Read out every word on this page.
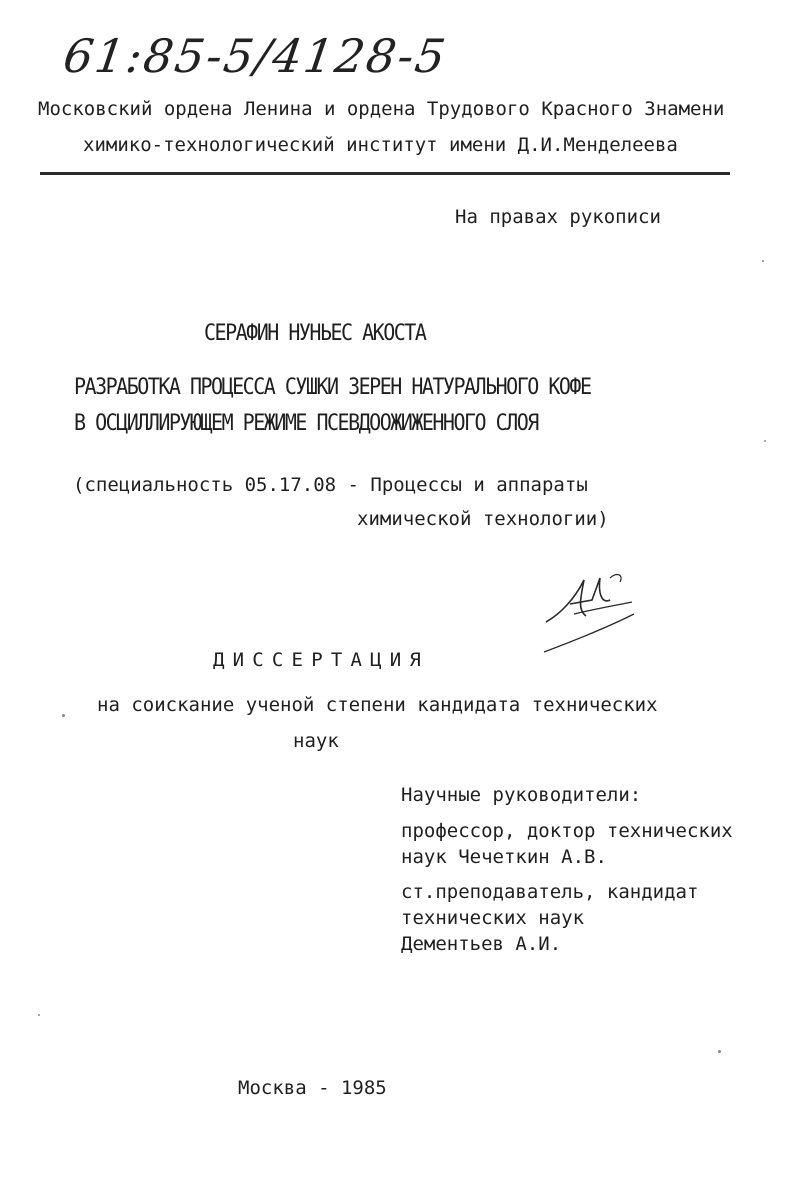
61:85-5/4128-5
Московский ордена Ленина и ордена Трудового Красного Знамени
химико-технологический институт имени Д.И.Менделеева
На правах рукописи
СЕРАФИН НУНЬЕС АКОСТА
РАЗРАБОТКА ПРОЦЕССА СУШКИ ЗЕРЕН НАТУРАЛЬНОГО КОФЕ
В ОСЦИЛЛИРУЮЩЕМ РЕЖИМЕ ПСЕВДООЖИЖЕННОГО СЛОЯ
(специальность 05.17.08 - Процессы и аппараты
химической технологии)
ДИССЕРТАЦИЯ
на соискание ученой степени кандидата технических
наук
Научные руководители:
профессор, доктор технических
наук Чечеткин А.В.
ст.преподаватель, кандидат
технических наук
Дементьев А.И.
Москва - 1985
